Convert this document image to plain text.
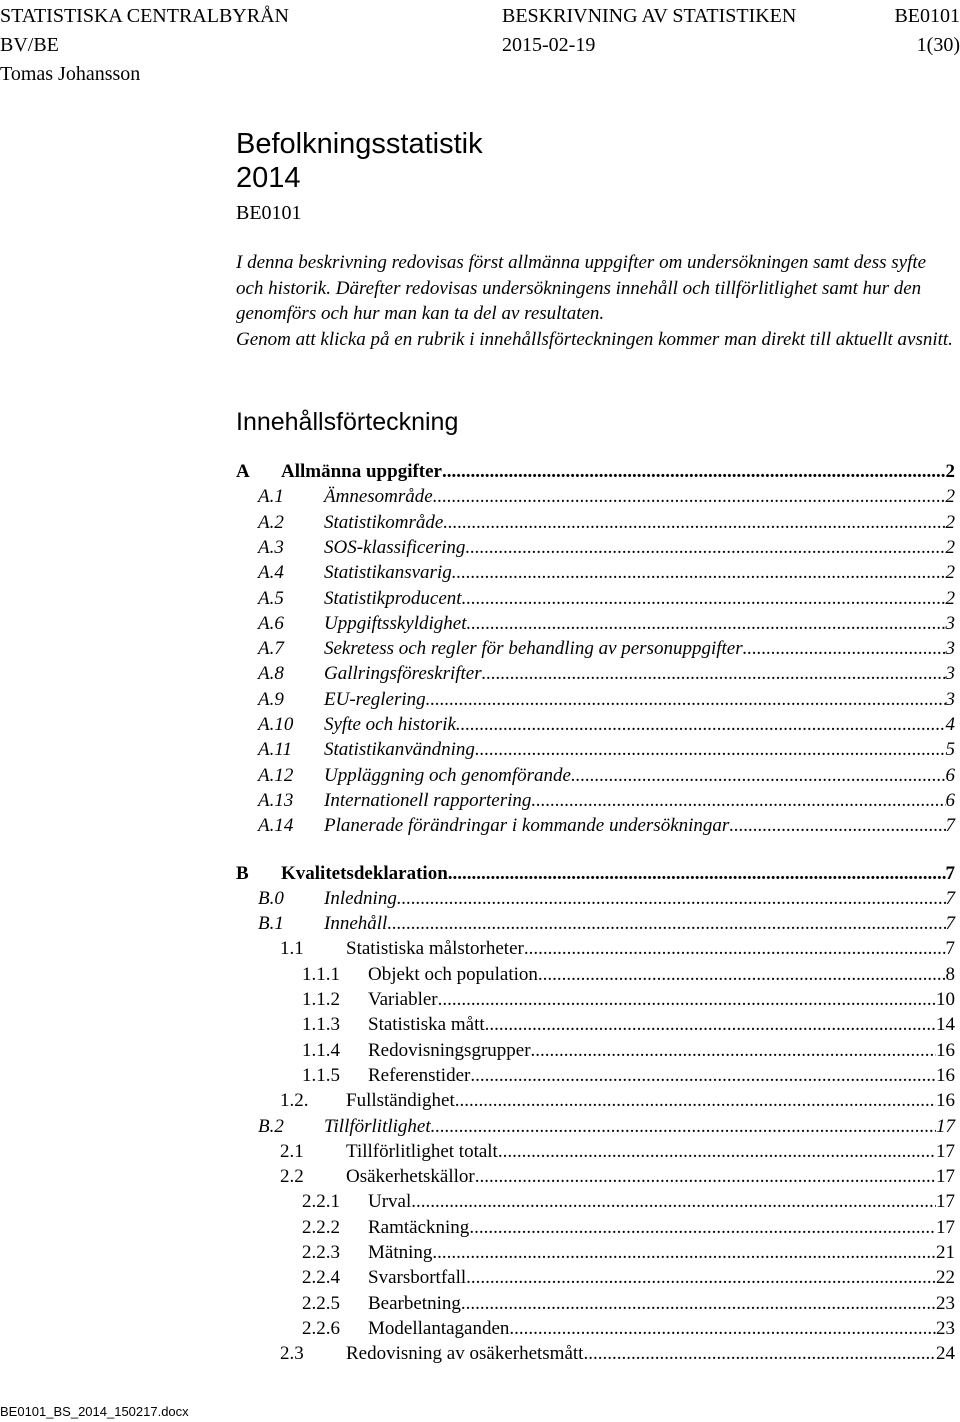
STATISTISKA CENTRALBYRÅN
BV/BE
Tomas Johansson
BESKRIVNING AV STATISTIKEN
2015-02-19
BE0101
1(30)
Befolkningsstatistik
2014
BE0101

I denna beskrivning redovisas först allmänna uppgifter om undersökningen samt dess syfte och historik. Därefter redovisas undersökningens innehåll och tillförlitlighet samt hur den genomförs och hur man kan ta del av resultaten.

Genom att klicka på en rubrik i innehållsförteckningen kommer man direkt till aktuellt avsnitt.

Innehållsförteckning
A Allmänna uppgifter .....	2
A.1 Ämnesområde .....	2
A.2 Statistikområde .....	2
A.3 SOS-klassificering .....	2
A.4 Statistikansvarig .....	2
A.5 Statistikproducent .....	2
A.6 Uppgiftsskyldighet .....	3
A.7 Sekretess och regler för behandling av personuppgifter .....	3
A.8 Gallringsföreskrifter .....	3
A.9 EU-reglering .....	3
A.10 Syfte och historik .....	4
A.11 Statistikanvändning .....	5
A.12 Uppläggning och genomförande .....	6
A.13 Internationell rapportering .....	6
A.14 Planerade förändringar i kommande undersökningar .....	7
B Kvalitetsdeklaration .....	7
B.0 Inledning .....	7
B.1 Innehåll .....	7
1.1 Statistiska målstorheter .....	7
1.1.1 Objekt och population .....	8
1.1.2 Variabler .....	10
1.1.3 Statistiska mått .....	14
1.1.4 Redovisningsgrupper .....	16
1.1.5 Referenstider .....	16
1.2. Fullständighet .....	16
B.2 Tillförlitlighet .....	17
2.1 Tillförlitlighet totalt .....	17
2.2 Osäkerhetskällor .....	17
2.2.1 Urval .....	17
2.2.2 Ramtäckning .....	17
2.2.3 Mätning .....	21
2.2.4 Svarsbortfall .....	22
2.2.5 Bearbetning .....	23
2.2.6 Modellantaganden .....	23
2.3 Redovisning av osäkerhetsmått .....	24
BE0101_BS_2014_150217.docx
